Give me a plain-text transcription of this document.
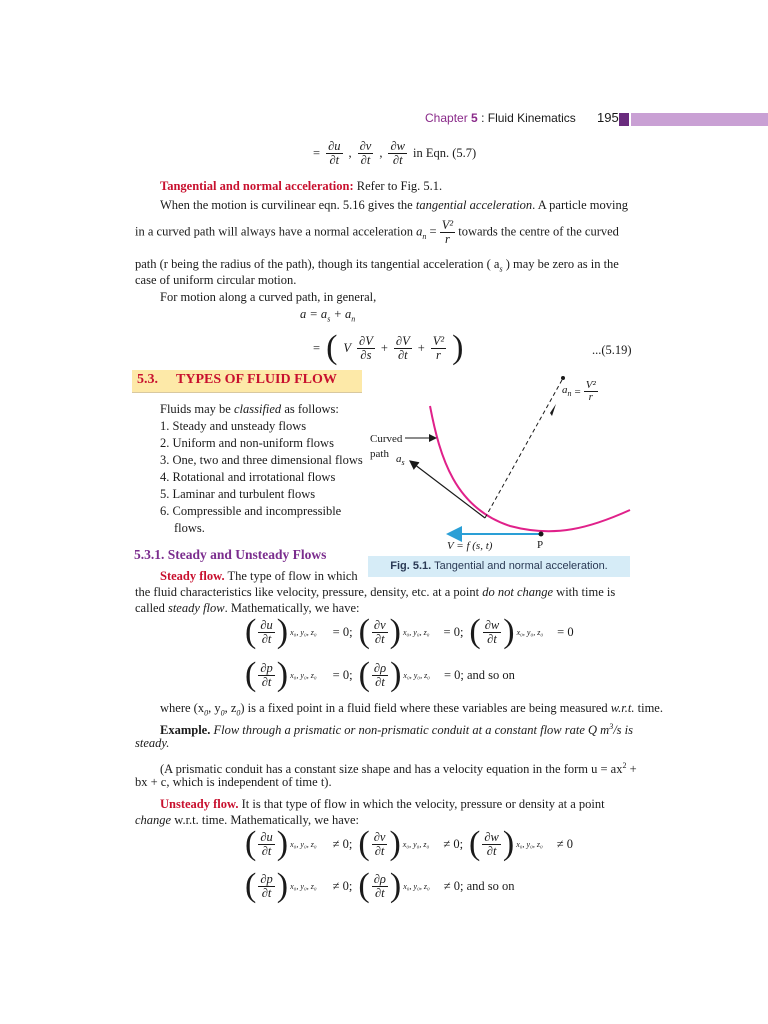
Chapter 5 : Fluid Kinematics 195
= $\frac{\partial u}{\partial t}$ , $\frac{\partial v}{\partial t}$ , $\frac{\partial w}{\partial t}$ in Eqn. (5.7)
Tangential and normal acceleration: Refer to Fig. 5.1.
When the motion is curvilinear eqn. 5.16 gives the tangential acceleration. A particle moving
in a curved path will always have a normal acceleration $a_n = \frac{\text{V²}}{r}$ towards the centre of the curved
path (r being the radius of the path), though its tangential acceleration ( $a_s$ ) may be zero as in the
case of uniform circular motion.
For motion along a curved path, in general,
$a = a_s + a_n$
= ( V $\frac{\partial V}{\partial s} + \frac{\partial V}{\partial t} + \frac{\text{V²}}{r}$ )	...(5.19)
5.3. TYPES OF FLUID FLOW
Fluids may be classified as follows:
1. Steady and unsteady flows
2. Uniform and non-uniform flows
3. One, two and three dimensional flows
4. Rotational and irrotational flows
5. Laminar and turbulent flows
6. Compressible and incompressible
flows.
Curved
path $a_s$
$a_n = \frac{\text{V²}}{r}$
V = f (s, t)	P
Fig. 5.1. Tangential and normal acceleration.
5.3.1. Steady and Unsteady Flows
Steady flow. The type of flow in which
the fluid characteristics like velocity, pressure, density, etc. at a point do not change with time is
called steady flow. Mathematically, we have:
( $\frac{\partial u}{\partial t}$ ) x₀, y₀, z₀ = 0; ( $\frac{\partial v}{\partial t}$ ) x₀, y₀, z₀ = 0; ( $\frac{\partial w}{\partial t}$ ) x₀, y₀, z₀ = 0
( $\frac{\partial p}{\partial t}$ ) x₀, y₀, z₀ = 0; ( $\frac{\partial\rho}{\partial t}$ ) x₀, y₀, z₀ = 0; and so on
where ($x_0$, $y_0$, $z_0$) is a fixed point in a fluid field where these variables are being measured w.r.t. time.
Example. Flow through a prismatic or non-prismatic conduit at a constant flow rate Q $m^3/s$ is
steady.
(A prismatic conduit has a constant size shape and has a velocity equation in the form $u = ax^2$ +
bx + c, which is independent of time t).
Unsteady flow. It is that type of flow in which the velocity, pressure or density at a point
change w.r.t. time. Mathematically, we have:
( $\frac{\partial u}{\partial t}$ ) x₀, y₀, z₀ ≠ 0; ( $\frac{\partial v}{\partial t}$ ) x₀, y₀, z₀ ≠ 0; ( $\frac{\partial w}{\partial t}$ ) x₀, y₀, z₀ ≠ 0
( $\frac{\partial p}{\partial t}$ ) x₀, y₀, z₀ ≠ 0; ( $\frac{\partial\rho}{\partial t}$ ) x₀, y₀, z₀ ≠ 0; and so on
